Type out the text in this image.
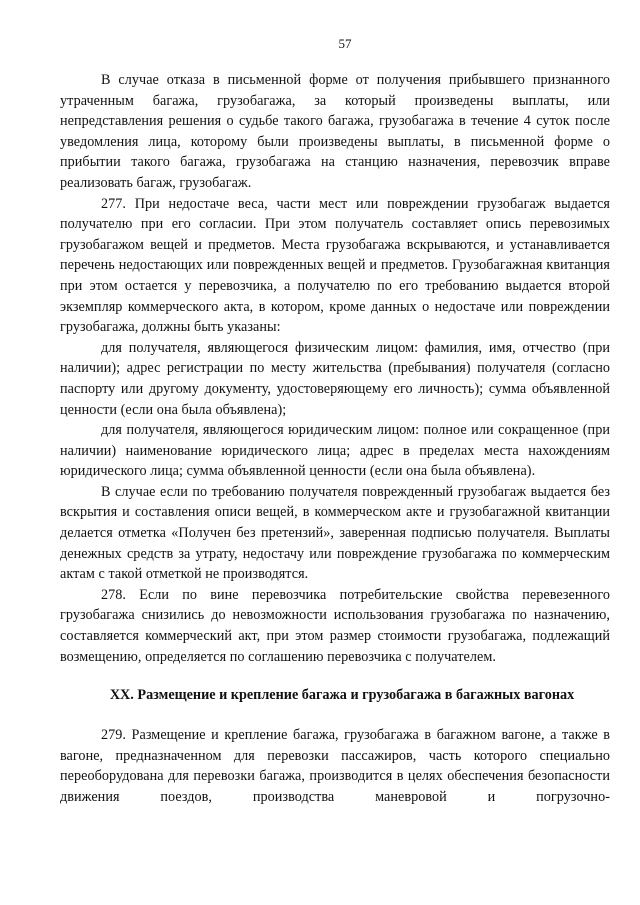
57

В случае отказа в письменной форме от получения прибывшего признанного утраченным багажа, грузобагажа, за который произведены выплаты, или непредставления решения о судьбе такого багажа, грузобагажа в течение 4 суток после уведомления лица, которому были произведены выплаты, в письменной форме о прибытии такого багажа, грузобагажа на станцию назначения, перевозчик вправе реализовать багаж, грузобагаж.

277. При недостаче веса, части мест или повреждении грузобагаж выдается получателю при его согласии. При этом получатель составляет опись перевозимых грузобагажом вещей и предметов. Места грузобагажа вскрываются, и устанавливается перечень недостающих или поврежденных вещей и предметов. Грузобагажная квитанция при этом остается у перевозчика, а получателю по его требованию выдается второй экземпляр коммерческого акта, в котором, кроме данных о недостаче или повреждении грузобагажа, должны быть указаны:

для получателя, являющегося физическим лицом: фамилия, имя, отчество (при наличии); адрес регистрации по месту жительства (пребывания) получателя (согласно паспорту или другому документу, удостоверяющему его личность); сумма объявленной ценности (если она была объявлена);

для получателя, являющегося юридическим лицом: полное или сокращенное (при наличии) наименование юридического лица; адрес в пределах места нахождениям юридического лица; сумма объявленной ценности (если она была объявлена).

В случае если по требованию получателя поврежденный грузобагаж выдается без вскрытия и составления описи вещей, в коммерческом акте и грузобагажной квитанции делается отметка «Получен без претензий», заверенная подписью получателя. Выплаты денежных средств за утрату, недостачу или повреждение грузобагажа по коммерческим актам с такой отметкой не производятся.

278. Если по вине перевозчика потребительские свойства перевезенного грузобагажа снизились до невозможности использования грузобагажа по назначению, составляется коммерческий акт, при этом размер стоимости грузобагажа, подлежащий возмещению, определяется по соглашению перевозчика с получателем.

XX. Размещение и крепление багажа и грузобагажа в багажных вагонах

279. Размещение и крепление багажа, грузобагажа в багажном вагоне, а также в вагоне, предназначенном для перевозки пассажиров, часть которого специально переоборудована для перевозки багажа, производится в целях обеспечения безопасности движения поездов, производства маневровой и погрузочно-
